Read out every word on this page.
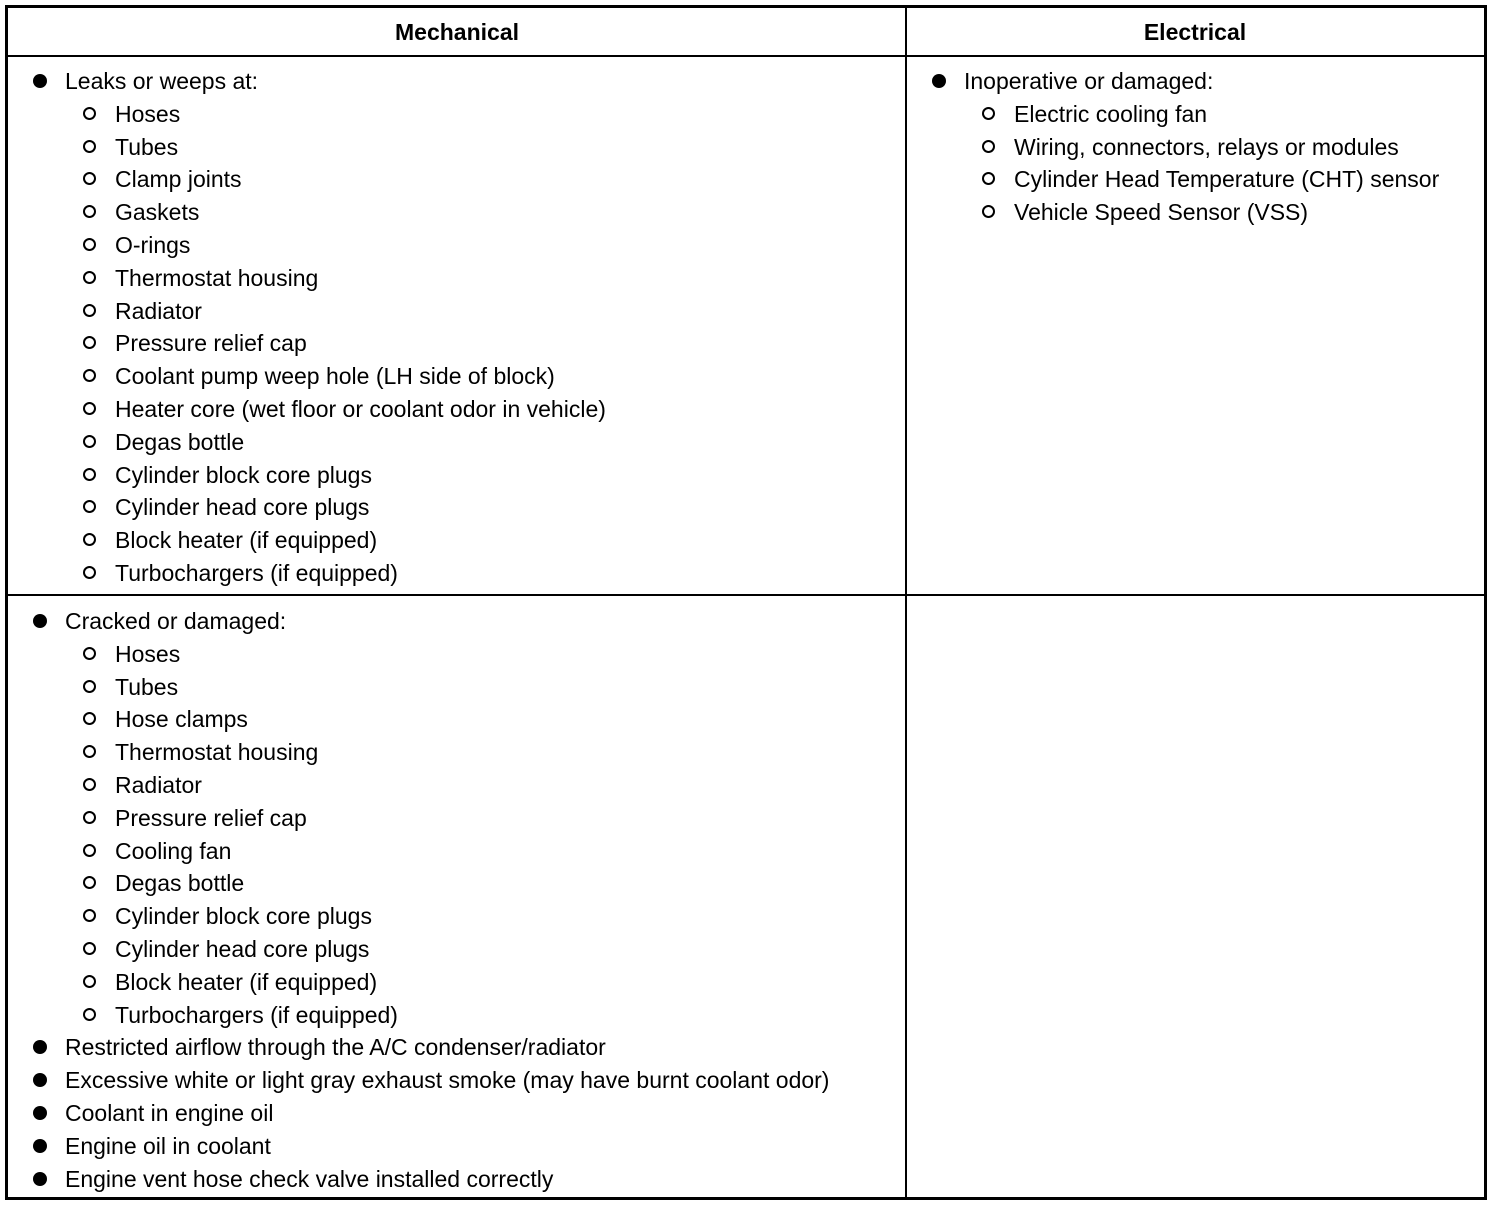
Mechanical	Electrical
Leaks or weeps at:
Hoses
Tubes
Clamp joints
Gaskets
O-rings
Thermostat housing
Radiator
Pressure relief cap
Coolant pump weep hole (LH side of block)
Heater core (wet floor or coolant odor in vehicle)
Degas bottle
Cylinder block core plugs
Cylinder head core plugs
Block heater (if equipped)
Turbochargers (if equipped)
Inoperative or damaged:
Electric cooling fan
Wiring, connectors, relays or modules
Cylinder Head Temperature (CHT) sensor
Vehicle Speed Sensor (VSS)
Cracked or damaged:
Hoses
Tubes
Hose clamps
Thermostat housing
Radiator
Pressure relief cap
Cooling fan
Degas bottle
Cylinder block core plugs
Cylinder head core plugs
Block heater (if equipped)
Turbochargers (if equipped)
Restricted airflow through the A/C condenser/radiator
Excessive white or light gray exhaust smoke (may have burnt coolant odor)
Coolant in engine oil
Engine oil in coolant
Engine vent hose check valve installed correctly
